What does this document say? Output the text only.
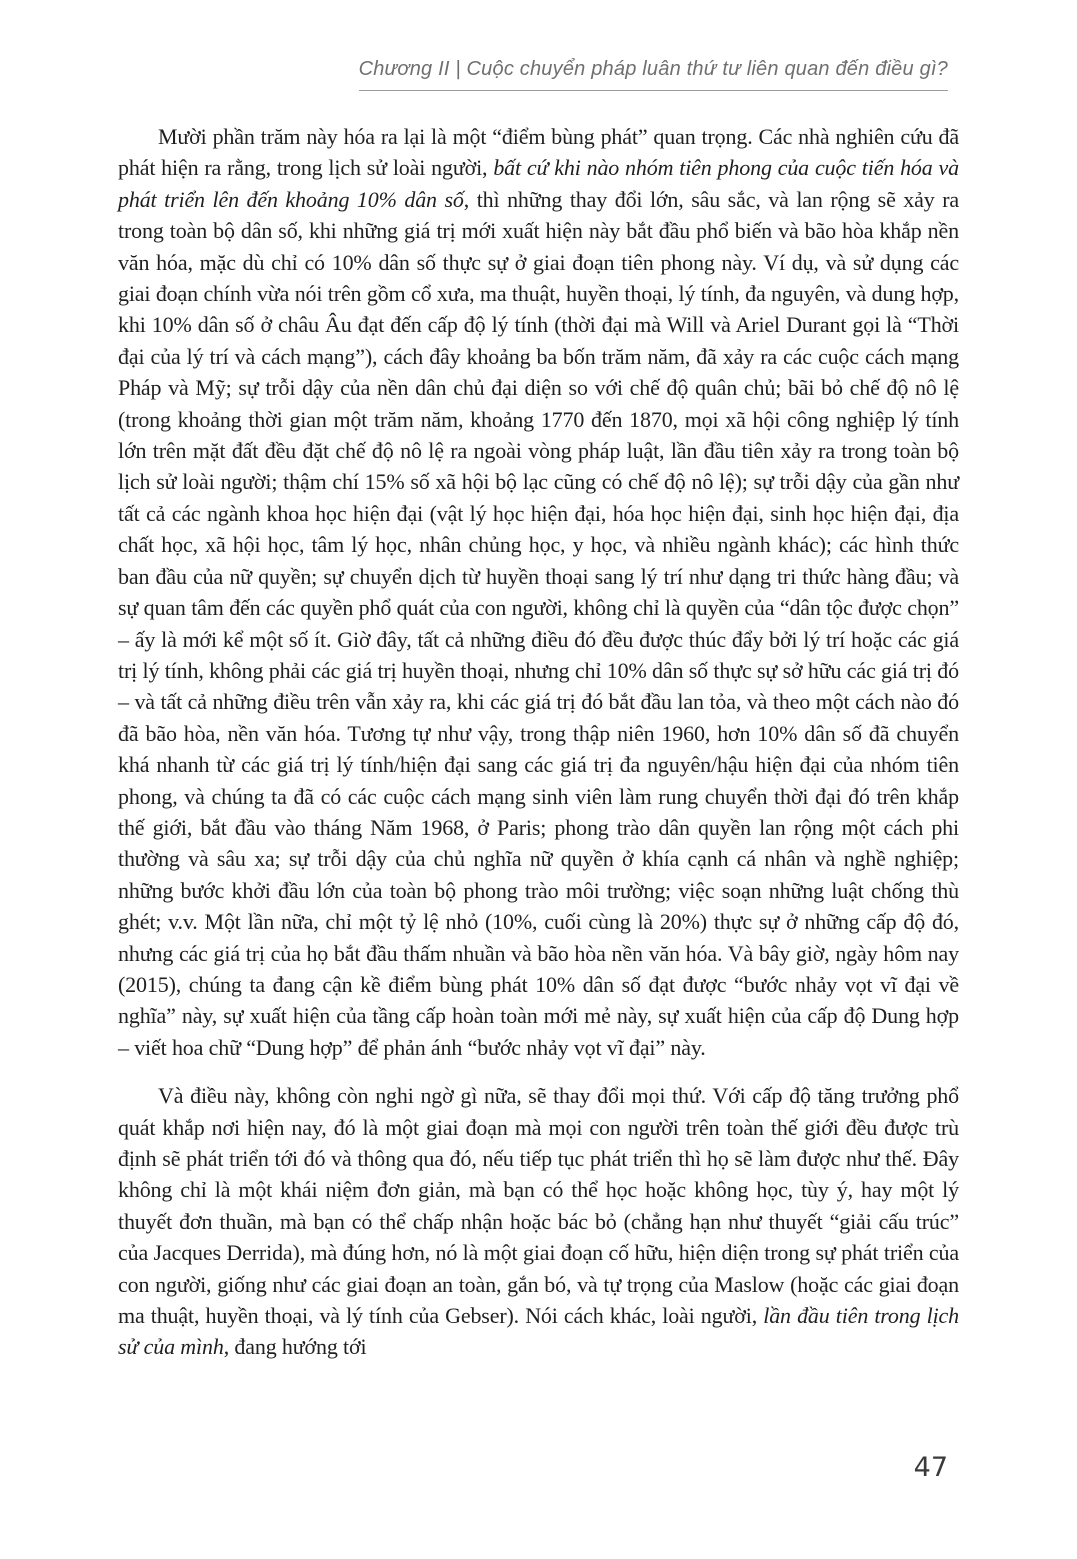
Chương II | Cuộc chuyển pháp luân thứ tư liên quan đến điều gì?

Mười phần trăm này hóa ra lại là một “điểm bùng phát” quan trọng. Các nhà nghiên cứu đã phát hiện ra rằng, trong lịch sử loài người, bất cứ khi nào nhóm tiên phong của cuộc tiến hóa và phát triển lên đến khoảng 10% dân số, thì những thay đổi lớn, sâu sắc, và lan rộng sẽ xảy ra trong toàn bộ dân số, khi những giá trị mới xuất hiện này bắt đầu phổ biến và bão hòa khắp nền văn hóa, mặc dù chỉ có 10% dân số thực sự ở giai đoạn tiên phong này. Ví dụ, và sử dụng các giai đoạn chính vừa nói trên gồm cổ xưa, ma thuật, huyền thoại, lý tính, đa nguyên, và dung hợp, khi 10% dân số ở châu Âu đạt đến cấp độ lý tính (thời đại mà Will và Ariel Durant gọi là “Thời đại của lý trí và cách mạng”), cách đây khoảng ba bốn trăm năm, đã xảy ra các cuộc cách mạng Pháp và Mỹ; sự trỗi dậy của nền dân chủ đại diện so với chế độ quân chủ; bãi bỏ chế độ nô lệ (trong khoảng thời gian một trăm năm, khoảng 1770 đến 1870, mọi xã hội công nghiệp lý tính lớn trên mặt đất đều đặt chế độ nô lệ ra ngoài vòng pháp luật, lần đầu tiên xảy ra trong toàn bộ lịch sử loài người; thậm chí 15% số xã hội bộ lạc cũng có chế độ nô lệ); sự trỗi dậy của gần như tất cả các ngành khoa học hiện đại (vật lý học hiện đại, hóa học hiện đại, sinh học hiện đại, địa chất học, xã hội học, tâm lý học, nhân chủng học, y học, và nhiều ngành khác); các hình thức ban đầu của nữ quyền; sự chuyển dịch từ huyền thoại sang lý trí như dạng tri thức hàng đầu; và sự quan tâm đến các quyền phổ quát của con người, không chỉ là quyền của “dân tộc được chọn” – ấy là mới kể một số ít. Giờ đây, tất cả những điều đó đều được thúc đẩy bởi lý trí hoặc các giá trị lý tính, không phải các giá trị huyền thoại, nhưng chỉ 10% dân số thực sự sở hữu các giá trị đó – và tất cả những điều trên vẫn xảy ra, khi các giá trị đó bắt đầu lan tỏa, và theo một cách nào đó đã bão hòa, nền văn hóa. Tương tự như vậy, trong thập niên 1960, hơn 10% dân số đã chuyển khá nhanh từ các giá trị lý tính/hiện đại sang các giá trị đa nguyên/hậu hiện đại của nhóm tiên phong, và chúng ta đã có các cuộc cách mạng sinh viên làm rung chuyển thời đại đó trên khắp thế giới, bắt đầu vào tháng Năm 1968, ở Paris; phong trào dân quyền lan rộng một cách phi thường và sâu xa; sự trỗi dậy của chủ nghĩa nữ quyền ở khía cạnh cá nhân và nghề nghiệp; những bước khởi đầu lớn của toàn bộ phong trào môi trường; việc soạn những luật chống thù ghét; v.v. Một lần nữa, chỉ một tỷ lệ nhỏ (10%, cuối cùng là 20%) thực sự ở những cấp độ đó, nhưng các giá trị của họ bắt đầu thấm nhuần và bão hòa nền văn hóa. Và bây giờ, ngày hôm nay (2015), chúng ta đang cận kề điểm bùng phát 10% dân số đạt được “bước nhảy vọt vĩ đại về nghĩa” này, sự xuất hiện của tầng cấp hoàn toàn mới mẻ này, sự xuất hiện của cấp độ Dung hợp – viết hoa chữ “Dung hợp” để phản ánh “bước nhảy vọt vĩ đại” này.

Và điều này, không còn nghi ngờ gì nữa, sẽ thay đổi mọi thứ. Với cấp độ tăng trưởng phổ quát khắp nơi hiện nay, đó là một giai đoạn mà mọi con người trên toàn thế giới đều được trù định sẽ phát triển tới đó và thông qua đó, nếu tiếp tục phát triển thì họ sẽ làm được như thế. Đây không chỉ là một khái niệm đơn giản, mà bạn có thể học hoặc không học, tùy ý, hay một lý thuyết đơn thuần, mà bạn có thể chấp nhận hoặc bác bỏ (chẳng hạn như thuyết “giải cấu trúc” của Jacques Derrida), mà đúng hơn, nó là một giai đoạn cố hữu, hiện diện trong sự phát triển của con người, giống như các giai đoạn an toàn, gắn bó, và tự trọng của Maslow (hoặc các giai đoạn ma thuật, huyền thoại, và lý tính của Gebser). Nói cách khác, loài người, lần đầu tiên trong lịch sử của mình, đang hướng tới

47
